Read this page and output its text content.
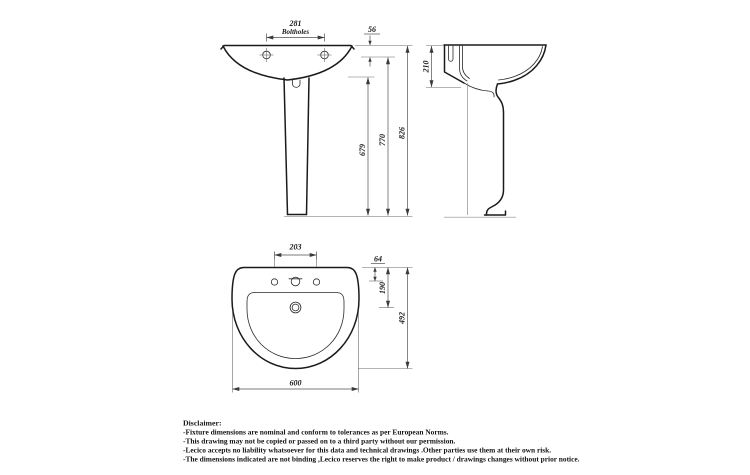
281
Boltholes	56
679
770
826
210
203
64
190
492
600
Disclaimer:
-Fixture dimensions are nominal and conform to tolerances as per European Norms.
-This drawing may not be copied or passed on to a third party without our permission.
-Lecico accepts no liability whatsoever for this data and technical drawings .Other parties use them at their own risk.
-The dimensions indicated are not binding ,Lecico reserves the right to make product / drawings changes without prior notice.
